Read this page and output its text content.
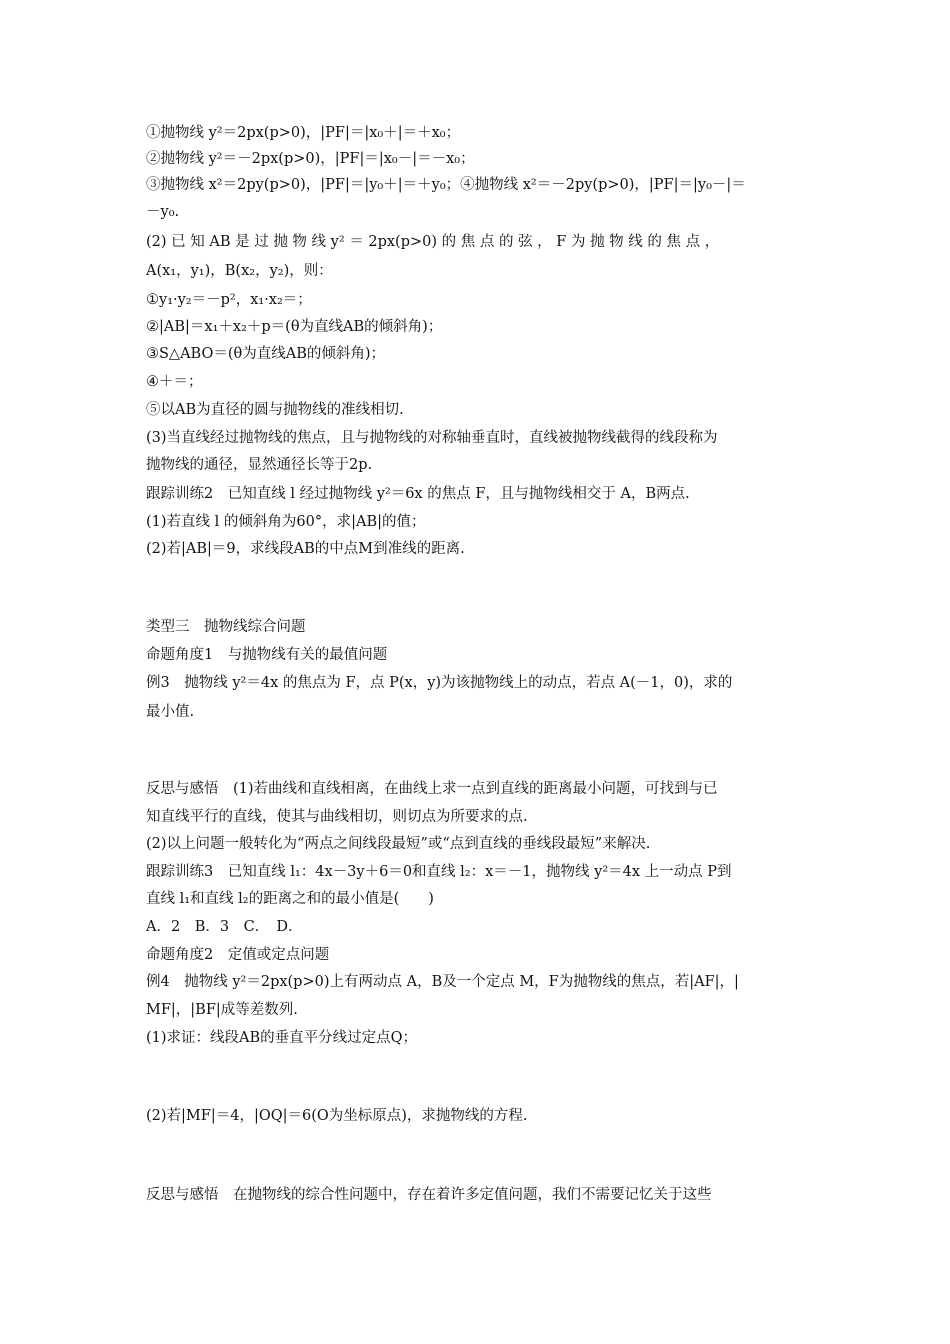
①抛物线 y²＝2px(p>0)，|PF|＝|x₀＋|＝＋x₀；
②抛物线 y²＝－2px(p>0)，|PF|＝|x₀－|＝－x₀；
③抛物线 x²＝2py(p>0)，|PF|＝|y₀＋|＝＋y₀；④抛物线 x²＝－2py(p>0)，|PF|＝|y₀－|＝
－y₀.
(2) 已 知 AB 是 过 抛 物 线 y² ＝ 2px(p>0) 的 焦 点 的 弦 ， F 为 抛 物 线 的 焦 点 ，
A(x₁，y₁)，B(x₂，y₂)，则：
①y₁·y₂＝－p²，x₁·x₂＝；
②|AB|＝x₁＋x₂＋p＝(θ为直线AB的倾斜角)；
③S△ABO＝(θ为直线AB的倾斜角)；
④＋＝；
⑤以AB为直径的圆与抛物线的准线相切.
(3)当直线经过抛物线的焦点，且与抛物线的对称轴垂直时，直线被抛物线截得的线段称为
抛物线的通径，显然通径长等于2p.
跟踪训练2　已知直线 l 经过抛物线 y²＝6x 的焦点 F，且与抛物线相交于 A，B两点.
(1)若直线 l 的倾斜角为60°，求|AB|的值；
(2)若|AB|＝9，求线段AB的中点M到准线的距离.
类型三　抛物线综合问题
命题角度1　与抛物线有关的最值问题
例3　抛物线 y²＝4x 的焦点为 F，点 P(x，y)为该抛物线上的动点，若点 A(－1，0)，求的
最小值.
反思与感悟　(1)若曲线和直线相离，在曲线上求一点到直线的距离最小问题，可找到与已
知直线平行的直线，使其与曲线相切，则切点为所要求的点.
(2)以上问题一般转化为“两点之间线段最短”或“点到直线的垂线段最短”来解决.
跟踪训练3　已知直线 l₁：4x－3y＋6＝0和直线 l₂：x＝－1，抛物线 y²＝4x 上一动点 P到
直线 l₁和直线 l₂的距离之和的最小值是(　　)
A．2　B．3　C．　D．
命题角度2　定值或定点问题
例4　抛物线 y²＝2px(p>0)上有两动点 A，B及一个定点 M，F为抛物线的焦点，若|AF|，|
MF|，|BF|成等差数列.
(1)求证：线段AB的垂直平分线过定点Q；
(2)若|MF|＝4，|OQ|＝6(O为坐标原点)，求抛物线的方程.
反思与感悟　在抛物线的综合性问题中，存在着许多定值问题，我们不需要记忆关于这些
